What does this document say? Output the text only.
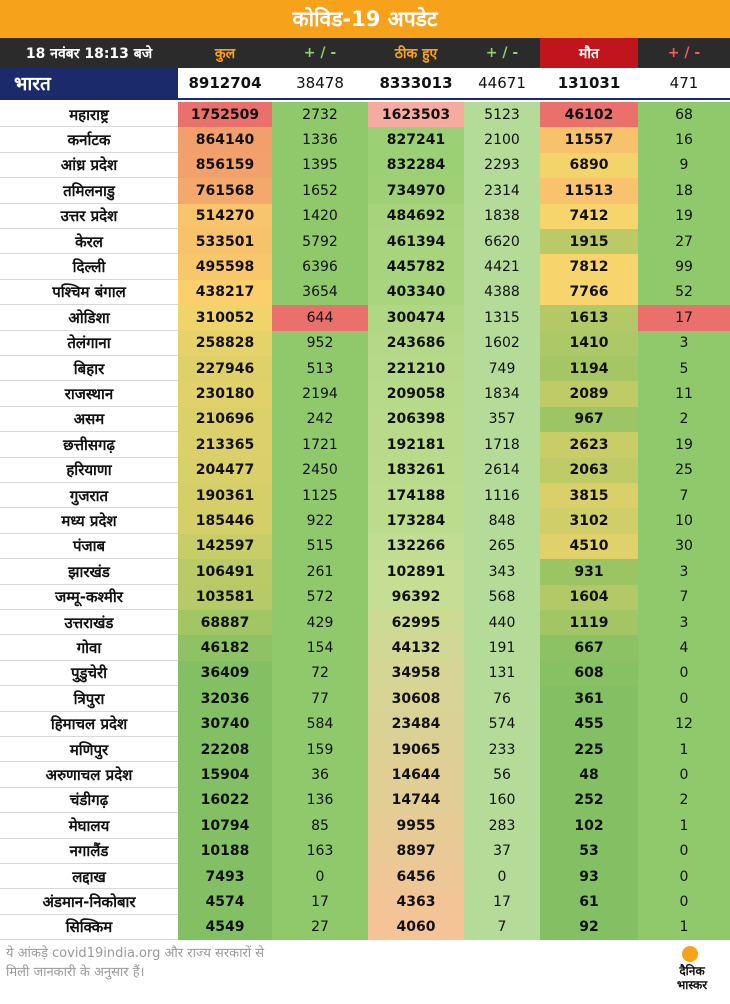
कोविड-19 अपडेट
18 नवंबर 18:13 बजे	कुल	+ / -	ठीक हुए	+ / -	मौत	+ / -
भारत	8912704	38478	8333013	44671	131031	471
महाराष्ट्र	1752509	2732	1623503	5123	46102	68
कर्नाटक	864140	1336	827241	2100	11557	16
आंध्र प्रदेश	856159	1395	832284	2293	6890	9
तमिलनाडु	761568	1652	734970	2314	11513	18
उत्तर प्रदेश	514270	1420	484692	1838	7412	19
केरल	533501	5792	461394	6620	1915	27
दिल्ली	495598	6396	445782	4421	7812	99
पश्चिम बंगाल	438217	3654	403340	4388	7766	52
ओडिशा	310052	644	300474	1315	1613	17
तेलंगाना	258828	952	243686	1602	1410	3
बिहार	227946	513	221210	749	1194	5
राजस्थान	230180	2194	209058	1834	2089	11
असम	210696	242	206398	357	967	2
छत्तीसगढ़	213365	1721	192181	1718	2623	19
हरियाणा	204477	2450	183261	2614	2063	25
गुजरात	190361	1125	174188	1116	3815	7
मध्य प्रदेश	185446	922	173284	848	3102	10
पंजाब	142597	515	132266	265	4510	30
झारखंड	106491	261	102891	343	931	3
जम्मू-कश्मीर	103581	572	96392	568	1604	7
उत्तराखंड	68887	429	62995	440	1119	3
गोवा	46182	154	44132	191	667	4
पुडुचेरी	36409	72	34958	131	608	0
त्रिपुरा	32036	77	30608	76	361	0
हिमाचल प्रदेश	30740	584	23484	574	455	12
मणिपुर	22208	159	19065	233	225	1
अरुणाचल प्रदेश	15904	36	14644	56	48	0
चंडीगढ़	16022	136	14744	160	252	2
मेघालय	10794	85	9955	283	102	1
नगालैंड	10188	163	8897	37	53	0
लद्दाख	7493	0	6456	0	93	0
अंडमान-निकोबार	4574	17	4363	17	61	0
सिक्किम	4549	27	4060	7	92	1
ये आंकड़े covid19india.org और राज्य सरकारों से
मिली जानकारी के अनुसार हैं।	दैनिक
भास्कर
